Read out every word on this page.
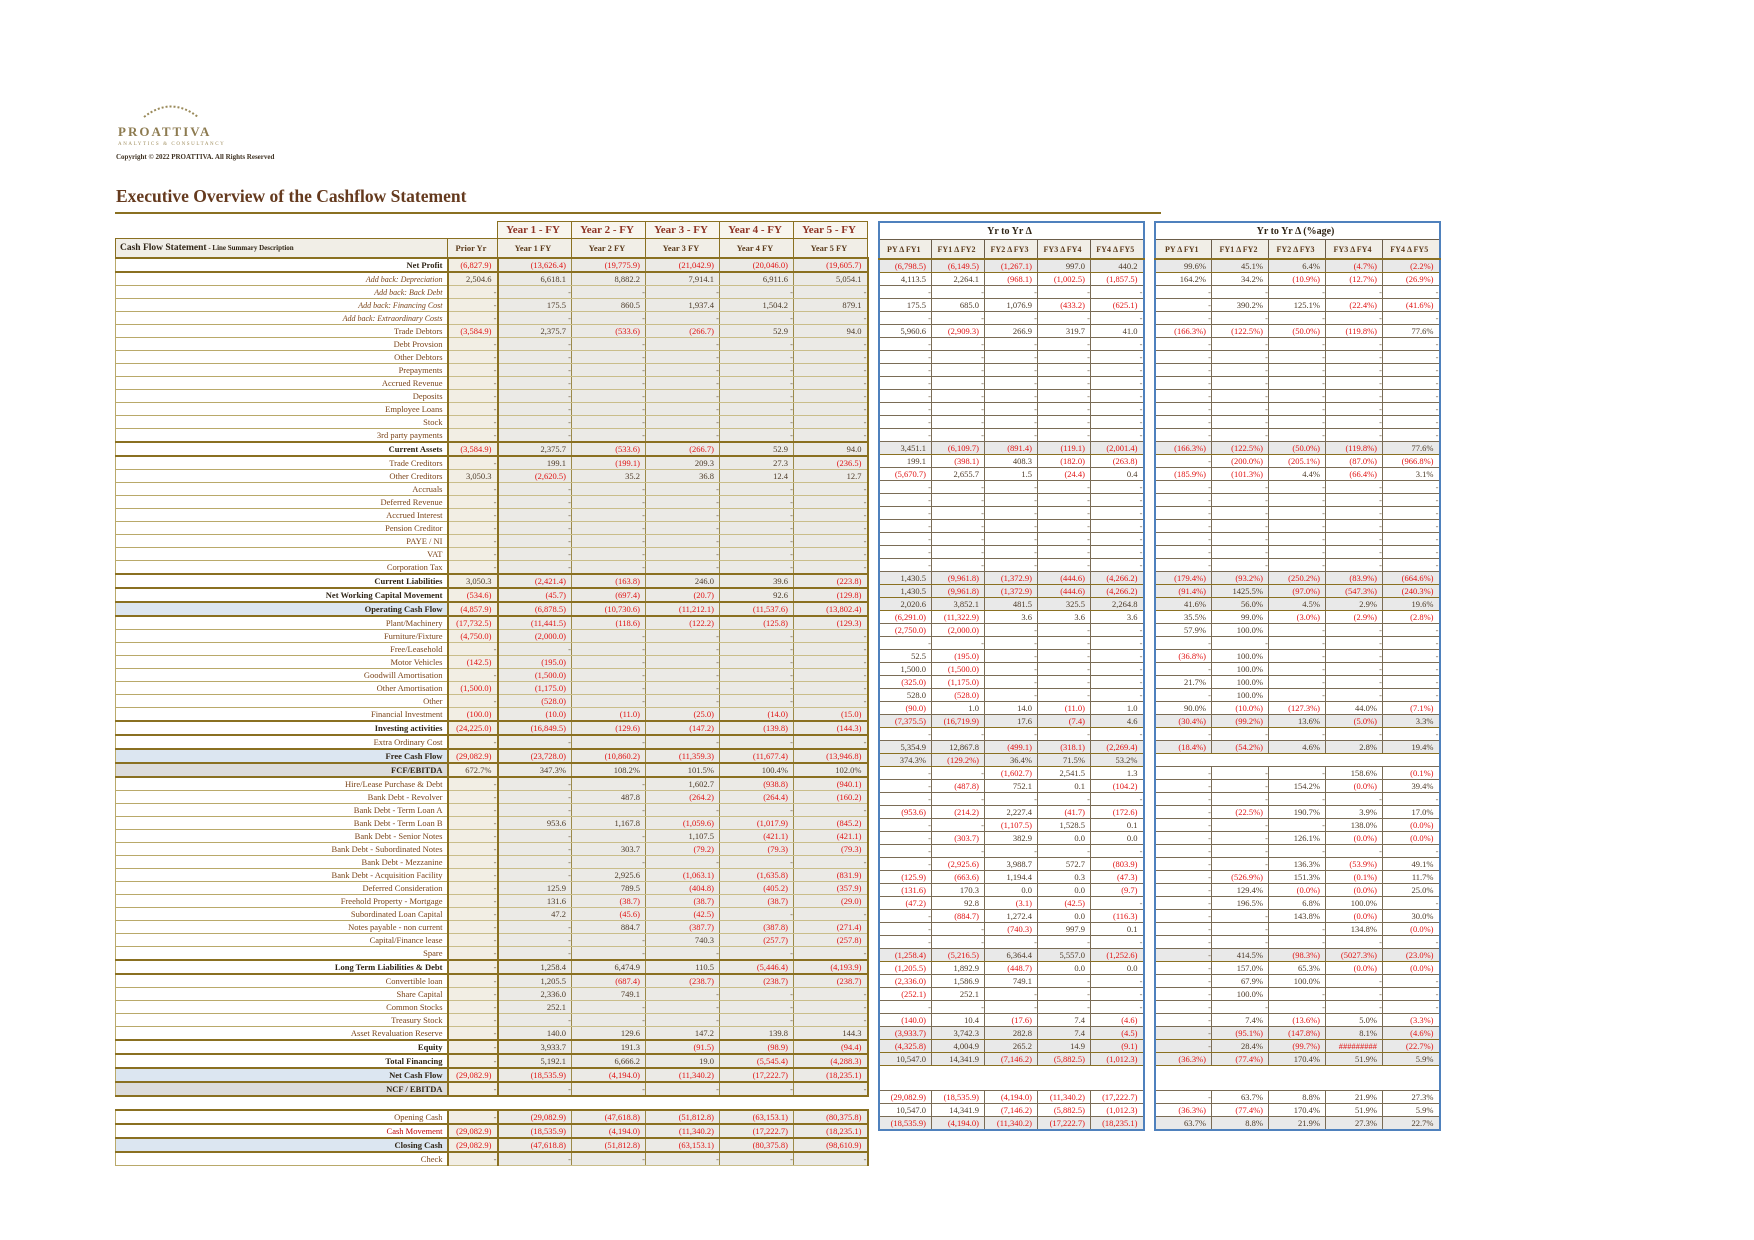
PROATTIVA
ANALYTICS & CONSULTANCY
Copyright © 2022 PROATTIVA. All Rights Reserved
Executive Overview of the Cashflow Statement
		Year 1 - FY	Year 2 - FY	Year 3 - FY	Year 4 - FY	Year 5 - FY
Cash Flow Statement - Line Summary Description	Prior Yr	Year 1 FY	Year 2 FY	Year 3 FY	Year 4 FY	Year 5 FY
Net Profit	(6,827.9)	(13,626.4)	(19,775.9)	(21,042.9)	(20,046.0)	(19,605.7)
Add back: Depreciation	2,504.6	6,618.1	8,882.2	7,914.1	6,911.6	5,054.1
Add back: Back Debt	-	-	-	-	-	-
Add back: Financing Cost	-	175.5	860.5	1,937.4	1,504.2	879.1
Add back: Extraordinary Costs	-	-	-	-	-	-
Trade Debtors	(3,584.9)	2,375.7	(533.6)	(266.7)	52.9	94.0
Debt Provsion	-	-	-	-	-	-
Other Debtors	-	-	-	-	-	-
Prepayments	-	-	-	-	-	-
Accrued Revenue	-	-	-	-	-	-
Deposits	-	-	-	-	-	-
Employee Loans	-	-	-	-	-	-
Stock	-	-	-	-	-	-
3rd party payments	-	-	-	-	-	-
Current Assets	(3,584.9)	2,375.7	(533.6)	(266.7)	52.9	94.0
Trade Creditors	-	199.1	(199.1)	209.3	27.3	(236.5)
Other Creditors	3,050.3	(2,620.5)	35.2	36.8	12.4	12.7
Accruals	-	-	-	-	-	-
Deferred Revenue	-	-	-	-	-	-
Accrued Interest	-	-	-	-	-	-
Pension Creditor	-	-	-	-	-	-
PAYE / NI	-	-	-	-	-	-
VAT	-	-	-	-	-	-
Corporation Tax	-	-	-	-	-	-
Current Liabilities	3,050.3	(2,421.4)	(163.8)	246.0	39.6	(223.8)
Net Working Capital Movement	(534.6)	(45.7)	(697.4)	(20.7)	92.6	(129.8)
Operating Cash Flow	(4,857.9)	(6,878.5)	(10,730.6)	(11,212.1)	(11,537.6)	(13,802.4)
Plant/Machinery	(17,732.5)	(11,441.5)	(118.6)	(122.2)	(125.8)	(129.3)
Furniture/Fixture	(4,750.0)	(2,000.0)	-	-	-	-
Free/Leasehold	-	-	-	-	-	-
Motor Vehicles	(142.5)	(195.0)	-	-	-	-
Goodwill Amortisation	-	(1,500.0)	-	-	-	-
Other Amortisation	(1,500.0)	(1,175.0)	-	-	-	-
Other	-	(528.0)	-	-	-	-
Financial Investment	(100.0)	(10.0)	(11.0)	(25.0)	(14.0)	(15.0)
Investing activities	(24,225.0)	(16,849.5)	(129.6)	(147.2)	(139.8)	(144.3)
Extra Ordinary Cost	-	-	-	-	-	-
Free Cash Flow	(29,082.9)	(23,728.0)	(10,860.2)	(11,359.3)	(11,677.4)	(13,946.8)
FCF/EBITDA	672.7%	347.3%	108.2%	101.5%	100.4%	102.0%
Hire/Lease Purchase & Debt	-	-	-	1,602.7	(938.8)	(940.1)
Bank Debt - Revolver	-	-	487.8	(264.2)	(264.4)	(160.2)
Bank Debt - Term Loan A	-	-	-	-	-	-
Bank Debt - Term Loan B	-	953.6	1,167.8	(1,059.6)	(1,017.9)	(845.2)
Bank Debt - Senior Notes	-	-	-	1,107.5	(421.1)	(421.1)
Bank Debt - Subordinated Notes	-	-	303.7	(79.2)	(79.3)	(79.3)
Bank Debt - Mezzanine	-	-	-	-	-	-
Bank Debt - Acquisition Facility	-	-	2,925.6	(1,063.1)	(1,635.8)	(831.9)
Deferred Consideration	-	125.9	789.5	(404.8)	(405.2)	(357.9)
Freehold Property - Mortgage	-	131.6	(38.7)	(38.7)	(38.7)	(29.0)
Subordinated Loan Capital	-	47.2	(45.6)	(42.5)	-	-
Notes payable - non current	-	-	884.7	(387.7)	(387.8)	(271.4)
Capital/Finance lease	-	-	-	740.3	(257.7)	(257.8)
Spare	-	-	-	-	-	-
Long Term Liabilities & Debt	-	1,258.4	6,474.9	110.5	(5,446.4)	(4,193.9)
Convertible loan	-	1,205.5	(687.4)	(238.7)	(238.7)	(238.7)
Share Capital	-	2,336.0	749.1	-	-	-
Common Stocks	-	252.1	-	-	-	-
Treasury Stock	-	-	-	-	-	-
Asset Revaluation Reserve	-	140.0	129.6	147.2	139.8	144.3
Equity	-	3,933.7	191.3	(91.5)	(98.9)	(94.4)
Total Financing	-	5,192.1	6,666.2	19.0	(5,545.4)	(4,288.3)
Net Cash Flow	(29,082.9)	(18,535.9)	(4,194.0)	(11,340.2)	(17,222.7)	(18,235.1)
NCF / EBITDA	-	-	-	-	-	-

Opening Cash	-	(29,082.9)	(47,618.8)	(51,812.8)	(63,153.1)	(80,375.8)
Cash Movement	(29,082.9)	(18,535.9)	(4,194.0)	(11,340.2)	(17,222.7)	(18,235.1)
Closing Cash	(29,082.9)	(47,618.8)	(51,812.8)	(63,153.1)	(80,375.8)	(98,610.9)
Check	-	-	-	-	-	-
Yr to Yr Δ				
PY Δ FY1	FY1 Δ FY2	FY2 Δ FY3	FY3 Δ FY4	FY4 Δ FY5
(6,798.5)	(6,149.5)	(1,267.1)	997.0	440.2
4,113.5	2,264.1	(968.1)	(1,002.5)	(1,857.5)
-	-	-	-	-
175.5	685.0	1,076.9	(433.2)	(625.1)
-	-	-	-	-
5,960.6	(2,909.3)	266.9	319.7	41.0
-	-	-	-	-
-	-	-	-	-
-	-	-	-	-
-	-	-	-	-
-	-	-	-	-
-	-	-	-	-
-	-	-	-	-
-	-	-	-	-
3,451.1	(6,109.7)	(891.4)	(119.1)	(2,001.4)
199.1	(398.1)	408.3	(182.0)	(263.8)
(5,670.7)	2,655.7	1.5	(24.4)	0.4
-	-	-	-	-
-	-	-	-	-
-	-	-	-	-
-	-	-	-	-
-	-	-	-	-
-	-	-	-	-
-	-	-	-	-
1,430.5	(9,961.8)	(1,372.9)	(444.6)	(4,266.2)
1,430.5	(9,961.8)	(1,372.9)	(444.6)	(4,266.2)
2,020.6	3,852.1	481.5	325.5	2,264.8
(6,291.0)	(11,322.9)	3.6	3.6	3.6
(2,750.0)	(2,000.0)	-	-	-
-	-	-	-	-
52.5	(195.0)	-	-	-
1,500.0	(1,500.0)	-	-	-
(325.0)	(1,175.0)	-	-	-
528.0	(528.0)	-	-	-
(90.0)	1.0	14.0	(11.0)	1.0
(7,375.5)	(16,719.9)	17.6	(7.4)	4.6
-	-	-	-	-
5,354.9	12,867.8	(499.1)	(318.1)	(2,269.4)
374.3%	(129.2%)	36.4%	71.5%	53.2%
-	-	(1,602.7)	2,541.5	1.3
-	(487.8)	752.1	0.1	(104.2)
-	-	-	-	-
(953.6)	(214.2)	2,227.4	(41.7)	(172.6)
-	-	(1,107.5)	1,528.5	0.1
-	(303.7)	382.9	0.0	0.0
-	-	-	-	-
-	(2,925.6)	3,988.7	572.7	(803.9)
(125.9)	(663.6)	1,194.4	0.3	(47.3)
(131.6)	170.3	0.0	0.0	(9.7)
(47.2)	92.8	(3.1)	(42.5)	-
-	(884.7)	1,272.4	0.0	(116.3)
-	-	(740.3)	997.9	0.1
-	-	-	-	-
(1,258.4)	(5,216.5)	6,364.4	5,557.0	(1,252.6)
(1,205.5)	1,892.9	(448.7)	0.0	0.0
(2,336.0)	1,586.9	749.1	-	-
(252.1)	252.1	-	-	-
-	-	-	-	-
(140.0)	10.4	(17.6)	7.4	(4.6)
(3,933.7)	3,742.3	282.8	7.4	(4.5)
(4,325.8)	4,004.9	265.2	14.9	(9.1)
10,547.0	14,341.9	(7,146.2)	(5,882.5)	(1,012.3)

(29,082.9)	(18,535.9)	(4,194.0)	(11,340.2)	(17,222.7)
10,547.0	14,341.9	(7,146.2)	(5,882.5)	(1,012.3)
(18,535.9)	(4,194.0)	(11,340.2)	(17,222.7)	(18,235.1)
Yr to Yr Δ (%age)				
PY Δ FY1	FY1 Δ FY2	FY2 Δ FY3	FY3 Δ FY4	FY4 Δ FY5
99.6%	45.1%	6.4%	(4.7%)	(2.2%)
164.2%	34.2%	(10.9%)	(12.7%)	(26.9%)
-	-	-	-	-
-	390.2%	125.1%	(22.4%)	(41.6%)
-	-	-	-	-
(166.3%)	(122.5%)	(50.0%)	(119.8%)	77.6%
-	-	-	-	-
-	-	-	-	-
-	-	-	-	-
-	-	-	-	-
-	-	-	-	-
-	-	-	-	-
-	-	-	-	-
-	-	-	-	-
(166.3%)	(122.5%)	(50.0%)	(119.8%)	77.6%
-	(200.0%)	(205.1%)	(87.0%)	(966.8%)
(185.9%)	(101.3%)	4.4%	(66.4%)	3.1%
-	-	-	-	-
-	-	-	-	-
-	-	-	-	-
-	-	-	-	-
-	-	-	-	-
-	-	-	-	-
-	-	-	-	-
(179.4%)	(93.2%)	(250.2%)	(83.9%)	(664.6%)
(91.4%)	1425.5%	(97.0%)	(547.3%)	(240.3%)
41.6%	56.0%	4.5%	2.9%	19.6%
35.5%	99.0%	(3.0%)	(2.9%)	(2.8%)
57.9%	100.0%	-	-	-
-	-	-	-	-
(36.8%)	100.0%	-	-	-
-	100.0%	-	-	-
21.7%	100.0%	-	-	-
-	100.0%	-	-	-
90.0%	(10.0%)	(127.3%)	44.0%	(7.1%)
(30.4%)	(99.2%)	13.6%	(5.0%)	3.3%
-	-	-	-	-
(18.4%)	(54.2%)	4.6%	2.8%	19.4%

-	-	-	158.6%	(0.1%)
-	-	154.2%	(0.0%)	39.4%
-	-	-	-	-
-	(22.5%)	190.7%	3.9%	17.0%
-	-	-	138.0%	(0.0%)
-	-	126.1%	(0.0%)	(0.0%)
-	-	-	-	-
-	-	136.3%	(53.9%)	49.1%
-	(526.9%)	151.3%	(0.1%)	11.7%
-	129.4%	(0.0%)	(0.0%)	25.0%
-	196.5%	6.8%	100.0%	-
-	-	143.8%	(0.0%)	30.0%
-	-	-	134.8%	(0.0%)
-	-	-	-	-
-	414.5%	(98.3%)	(5027.3%)	(23.0%)
-	157.0%	65.3%	(0.0%)	(0.0%)
-	67.9%	100.0%	-	-
-	100.0%	-	-	-
-	-	-	-	-
-	7.4%	(13.6%)	5.0%	(3.3%)
-	(95.1%)	(147.8%)	8.1%	(4.6%)
-	28.4%	(99.7%)	#########	(22.7%)
(36.3%)	(77.4%)	170.4%	51.9%	5.9%

-	63.7%	8.8%	21.9%	27.3%
(36.3%)	(77.4%)	170.4%	51.9%	5.9%
63.7%	8.8%	21.9%	27.3%	22.7%
